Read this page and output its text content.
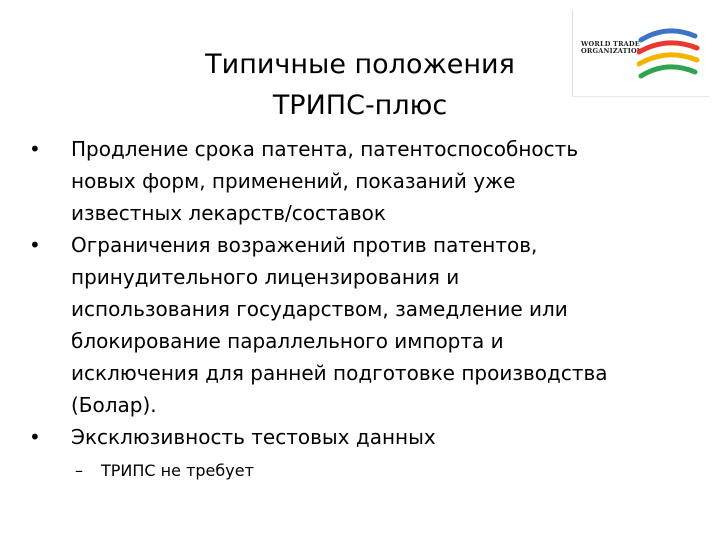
Типичные положения
ТРИПС-плюс
WORLD TRADE
ORGANIZATION
•	Продление срока патента, патентоспособность
новых форм, применений, показаний уже
известных лекарств/составок
•	Ограничения возражений против патентов,
принудительного лицензирования и
использования государством, замедление или
блокирование параллельного импорта и
исключения для ранней подготовке производства
(Болар).
•	Эксклюзивность тестовых данных
– ТРИПС не требует
